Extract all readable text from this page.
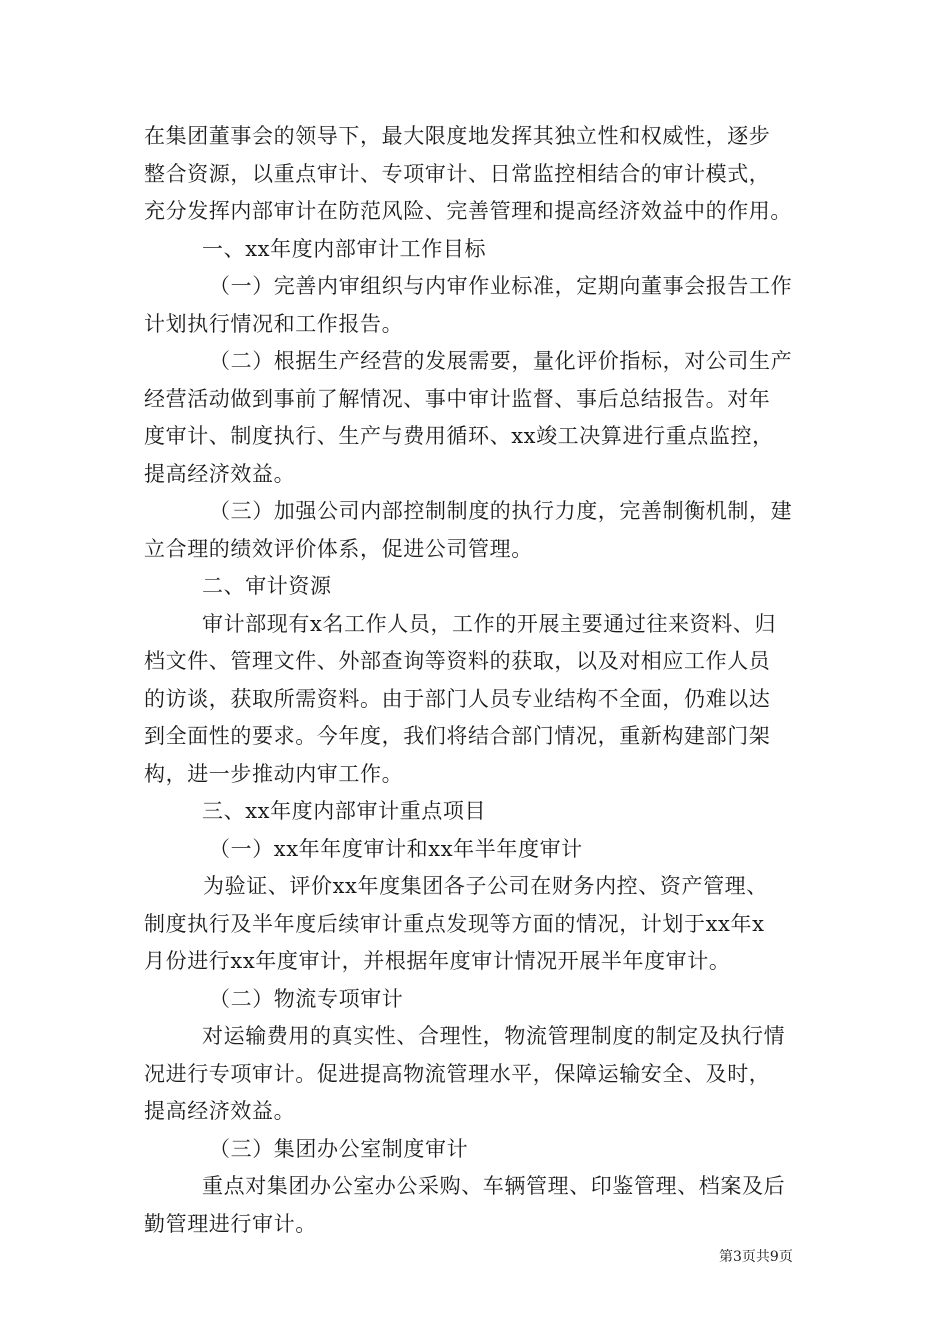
在集团董事会的领导下，最大限度地发挥其独立性和权威性，逐步
整合资源，以重点审计、专项审计、日常监控相结合的审计模式，
充分发挥内部审计在防范风险、完善管理和提高经济效益中的作用。
一、xx年度内部审计工作目标
（一）完善内审组织与内审作业标准，定期向董事会报告工作
计划执行情况和工作报告。
（二）根据生产经营的发展需要，量化评价指标，对公司生产
经营活动做到事前了解情况、事中审计监督、事后总结报告。对年
度审计、制度执行、生产与费用循环、xx竣工决算进行重点监控，
提高经济效益。
（三）加强公司内部控制制度的执行力度，完善制衡机制，建
立合理的绩效评价体系，促进公司管理。
二、审计资源
审计部现有x名工作人员，工作的开展主要通过往来资料、归
档文件、管理文件、外部查询等资料的获取，以及对相应工作人员
的访谈，获取所需资料。由于部门人员专业结构不全面，仍难以达
到全面性的要求。今年度，我们将结合部门情况，重新构建部门架
构，进一步推动内审工作。
三、xx年度内部审计重点项目
（一）xx年年度审计和xx年半年度审计
为验证、评价xx年度集团各子公司在财务内控、资产管理、
制度执行及半年度后续审计重点发现等方面的情况，计划于xx年x
月份进行xx年度审计，并根据年度审计情况开展半年度审计。
（二）物流专项审计
对运输费用的真实性、合理性，物流管理制度的制定及执行情
况进行专项审计。促进提高物流管理水平，保障运输安全、及时，
提高经济效益。
（三）集团办公室制度审计
重点对集团办公室办公采购、车辆管理、印鉴管理、档案及后
勤管理进行审计。
第3页共9页
